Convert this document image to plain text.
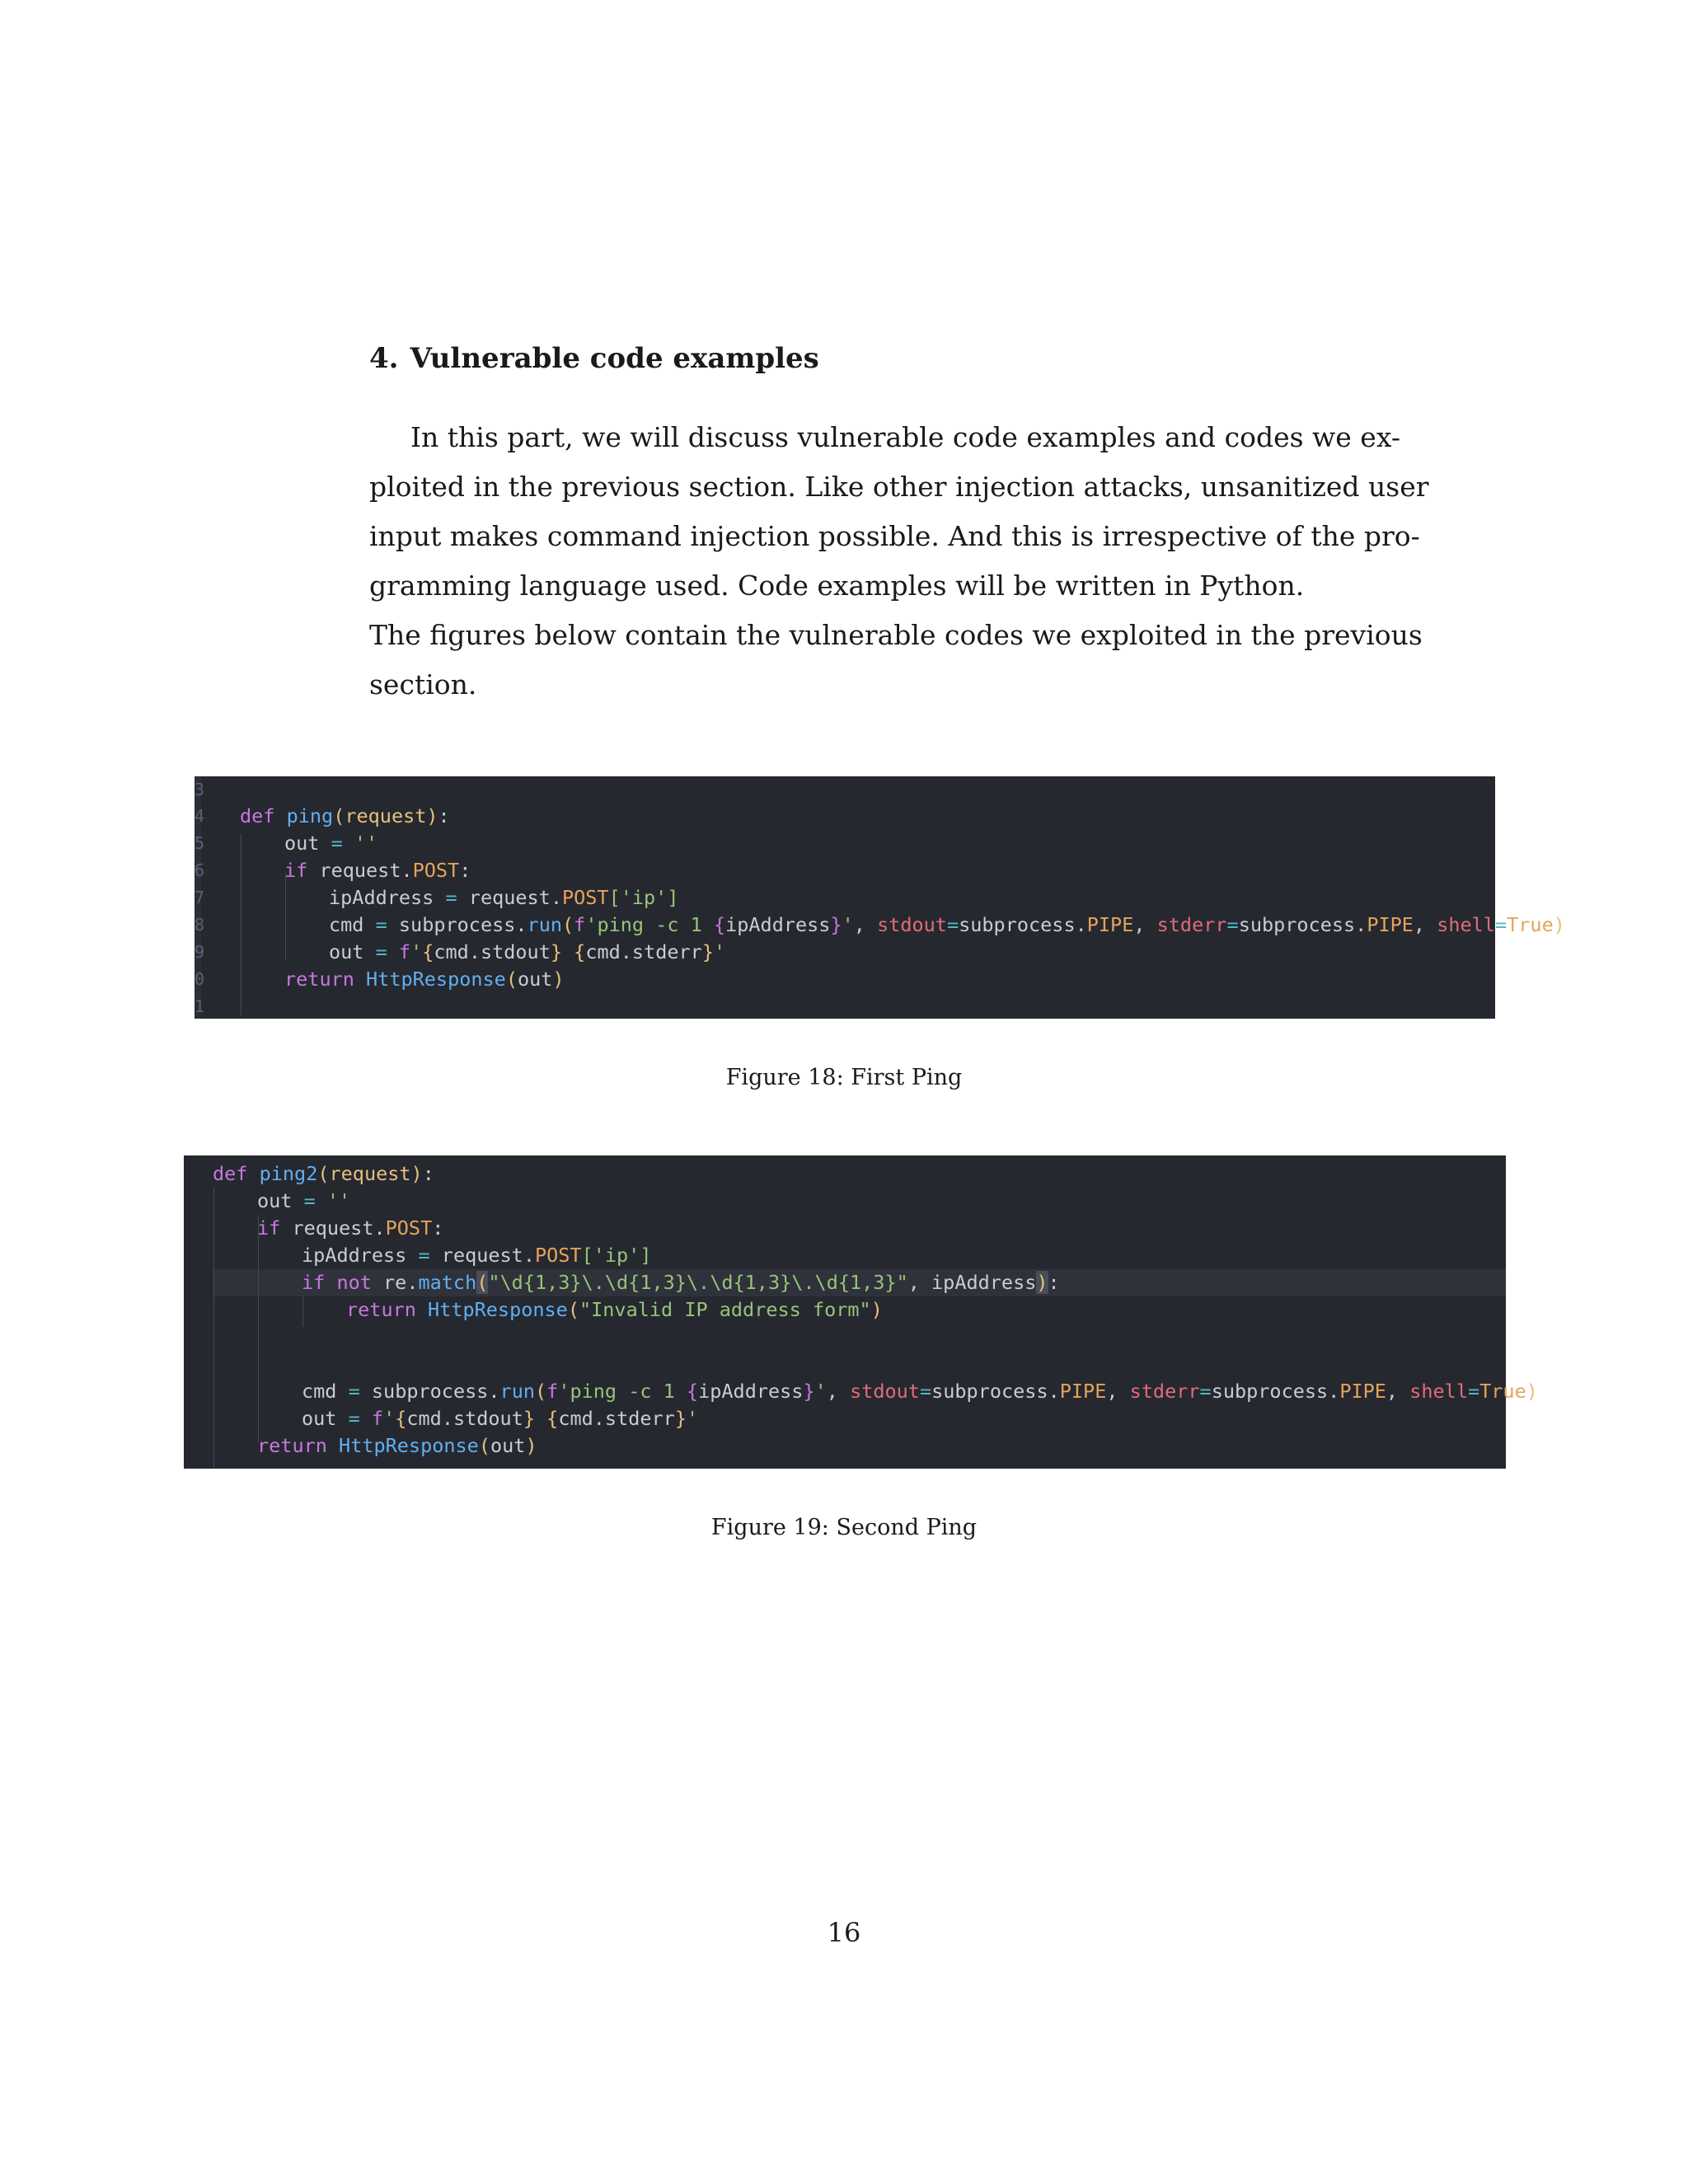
4. Vulnerable code examples
In this part, we will discuss vulnerable code examples and codes we ex-
ploited in the previous section. Like other injection attacks, unsanitized user
input makes command injection possible. And this is irrespective of the pro-
gramming language used. Code examples will be written in Python.
The figures below contain the vulnerable codes we exploited in the previous
section.
3
4 def ping(request):
5	out = ''
6	if request.POST:
7	ipAddress = request.POST['ip']
8	cmd = subprocess.run(f'ping -c 1 {ipAddress}', stdout=subprocess.PIPE, stderr=subprocess.PIPE, shell=True)
9	out = f'{cmd.stdout} {cmd.stderr}'
0	return HttpResponse(out)
1
Figure 18: First Ping
def ping2(request):
out = ''
if request.POST:
ipAddress = request.POST['ip']
if not re.match("\d{1,3}\.\d{1,3}\.\d{1,3}\.\d{1,3}", ipAddress):
return HttpResponse("Invalid IP address form")
cmd = subprocess.run(f'ping -c 1 {ipAddress}', stdout=subprocess.PIPE, stderr=subprocess.PIPE, shell=True)
out = f'{cmd.stdout} {cmd.stderr}'
return HttpResponse(out)
Figure 19: Second Ping
16
